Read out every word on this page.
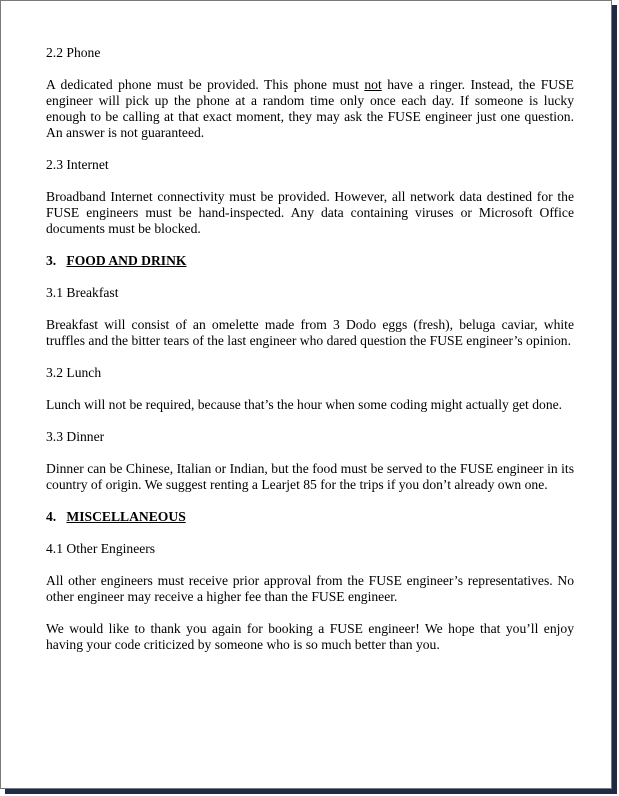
2.2 Phone
A dedicated phone must be provided. This phone must not have a ringer. Instead, the FUSE engineer will pick up the phone at a random time only once each day. If someone is lucky enough to be calling at that exact moment, they may ask the FUSE engineer just one question. An answer is not guaranteed.
2.3 Internet
Broadband Internet connectivity must be provided. However, all network data destined for the FUSE engineers must be hand-inspected. Any data containing viruses or Microsoft Office documents must be blocked.
3. FOOD AND DRINK
3.1 Breakfast
Breakfast will consist of an omelette made from 3 Dodo eggs (fresh), beluga caviar, white truffles and the bitter tears of the last engineer who dared question the FUSE engineer’s opinion.
3.2 Lunch
Lunch will not be required, because that’s the hour when some coding might actually get done.
3.3 Dinner
Dinner can be Chinese, Italian or Indian, but the food must be served to the FUSE engineer in its country of origin. We suggest renting a Learjet 85 for the trips if you don’t already own one.
4. MISCELLANEOUS
4.1 Other Engineers
All other engineers must receive prior approval from the FUSE engineer’s representatives. No other engineer may receive a higher fee than the FUSE engineer.
We would like to thank you again for booking a FUSE engineer! We hope that you’ll enjoy having your code criticized by someone who is so much better than you.
